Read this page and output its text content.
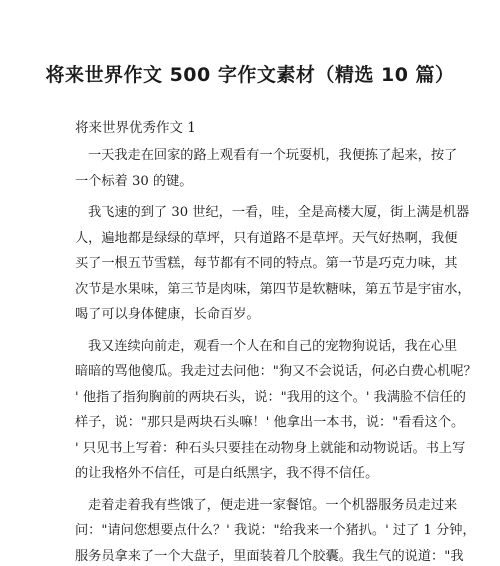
将来世界作文 500 字作文素材（精选 10 篇）

将来世界优秀作文 1

一天我走在回家的路上观看有一个玩耍机，我便拣了起来，按了
一个标着 30 的键。

我飞速的到了 30 世纪，一看，哇，全是高楼大厦，街上满是机器
人，遍地都是绿绿的草坪，只有道路不是草坪。天气好热啊，我便
买了一根五节雪糕，每节都有不同的特点。第一节是巧克力味，其
次节是水果味，第三节是肉味，第四节是软糖味，第五节是宇宙水，
喝了可以身体健康，长命百岁。

我又连续向前走，观看一个人在和自己的宠物狗说话，我在心里
暗暗的骂他傻瓜。我走过去问他："狗又不会说话，何必白费心机呢？
' 他指了指狗胸前的两块石头，说："我用的这个。' 我满脸不信任的
样子，说："那只是两块石头嘛！' 他拿出一本书，说："看看这个。
' 只见书上写着：种石头只要挂在动物身上就能和动物说话。书上写
的让我格外不信任，可是白纸黑字，我不得不信任。

走着走着我有些饿了，便走进一家餐馆。一个机器服务员走过来
问："请问您想要点什么？' 我说："给我来一个猪扒。' 过了 1 分钟，
服务员拿来了一个大盘子，里面装着几个胶囊。我生气的说道："我
